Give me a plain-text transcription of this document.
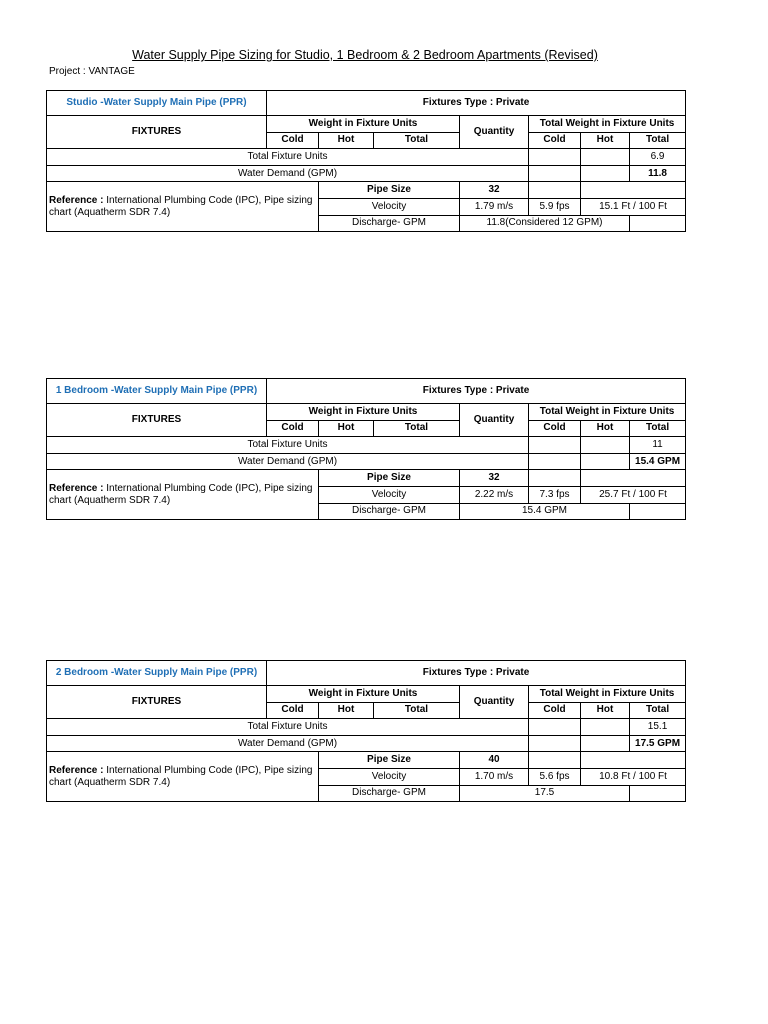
Water Supply Pipe Sizing for Studio, 1 Bedroom & 2 Bedroom Apartments (Revised)
Project : VANTAGE
Studio -Water Supply Main Pipe (PPR)	Fixtures Type : Private						
FIXTURES	Weight in Fixture Units			Quantity	Total Weight in Fixture Units		
	Cold	Hot	Total		Cold	Hot	Total
Total Fixture Units							6.9
Water Demand (GPM)							11.8
Reference : International Plumbing Code (IPC), Pipe sizing chart (Aquatherm SDR 7.4)		Pipe Size		32			
		Velocity		1.79 m/s	5.9 fps	15.1 Ft / 100 Ft	
		Discharge- GPM		11.8(Considered 12 GPM)			
1 Bedroom -Water Supply Main Pipe (PPR)	Fixtures Type : Private						
FIXTURES	Weight in Fixture Units			Quantity	Total Weight in Fixture Units		
	Cold	Hot	Total		Cold	Hot	Total
Total Fixture Units							11
Water Demand (GPM)							15.4 GPM
Reference : International Plumbing Code (IPC), Pipe sizing chart (Aquatherm SDR 7.4)		Pipe Size		32			
		Velocity		2.22 m/s	7.3 fps	25.7 Ft / 100 Ft	
		Discharge- GPM		15.4 GPM			
2 Bedroom -Water Supply Main Pipe (PPR)	Fixtures Type : Private						
FIXTURES	Weight in Fixture Units			Quantity	Total Weight in Fixture Units		
	Cold	Hot	Total		Cold	Hot	Total
Total Fixture Units							15.1
Water Demand (GPM)							17.5 GPM
Reference : International Plumbing Code (IPC), Pipe sizing chart (Aquatherm SDR 7.4)		Pipe Size		40			
		Velocity		1.70 m/s	5.6 fps	10.8 Ft / 100 Ft	
		Discharge- GPM		17.5			
